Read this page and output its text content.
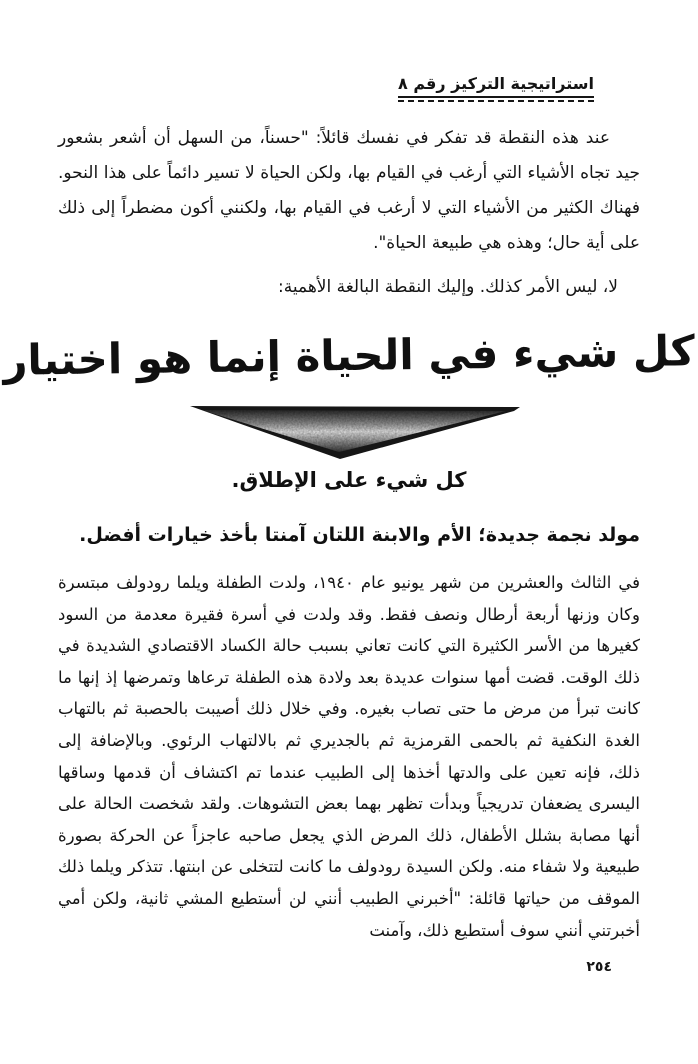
استراتيجية التركيز رقم ٨

عند هذه النقطة قد تفكر في نفسك قائلاً: "حسناً، من السهل أن أشعر بشعور جيد تجاه الأشياء التي أرغب في القيام بها، ولكن الحياة لا تسير دائماً على هذا النحو. فهناك الكثير من الأشياء التي لا أرغب في القيام بها، ولكنني أكون مضطراً إلى ذلك على أية حال؛ وهذه هي طبيعة الحياة".

لا، ليس الأمر كذلك. وإليك النقطة البالغة الأهمية:

كل شيء في الحياة إنما هو اختيار
كل شيء على الإطلاق.
مولد نجمة جديدة؛ الأم والابنة اللتان آمنتا بأخذ خيارات أفضل.

في الثالث والعشرين من شهر يونيو عام ١٩٤٠، ولدت الطفلة ويلما رودولف مبتسرة وكان وزنها أربعة أرطال ونصف فقط. وقد ولدت في أسرة فقيرة معدمة من السود كغيرها من الأسر الكثيرة التي كانت تعاني بسبب حالة الكساد الاقتصادي الشديدة في ذلك الوقت. قضت أمها سنوات عديدة بعد ولادة هذه الطفلة ترعاها وتمرضها إذ إنها ما كانت تبرأ من مرض ما حتى تصاب بغيره. وفي خلال ذلك أصيبت بالحصبة ثم بالتهاب الغدة النكفية ثم بالحمى القرمزية ثم بالجديري ثم بالالتهاب الرئوي. وبالإضافة إلى ذلك، فإنه تعين على والدتها أخذها إلى الطبيب عندما تم اكتشاف أن قدمها وساقها اليسرى يضعفان تدريجياً وبدأت تظهر بهما بعض التشوهات. ولقد شخصت الحالة على أنها مصابة بشلل الأطفال، ذلك المرض الذي يجعل صاحبه عاجزاً عن الحركة بصورة طبيعية ولا شفاء منه. ولكن السيدة رودولف ما كانت لتتخلى عن ابنتها. تتذكر ويلما ذلك الموقف من حياتها قائلة: "أخبرني الطبيب أنني لن أستطيع المشي ثانية، ولكن أمي أخبرتني أنني سوف أستطيع ذلك، وآمنت

٢٥٤
